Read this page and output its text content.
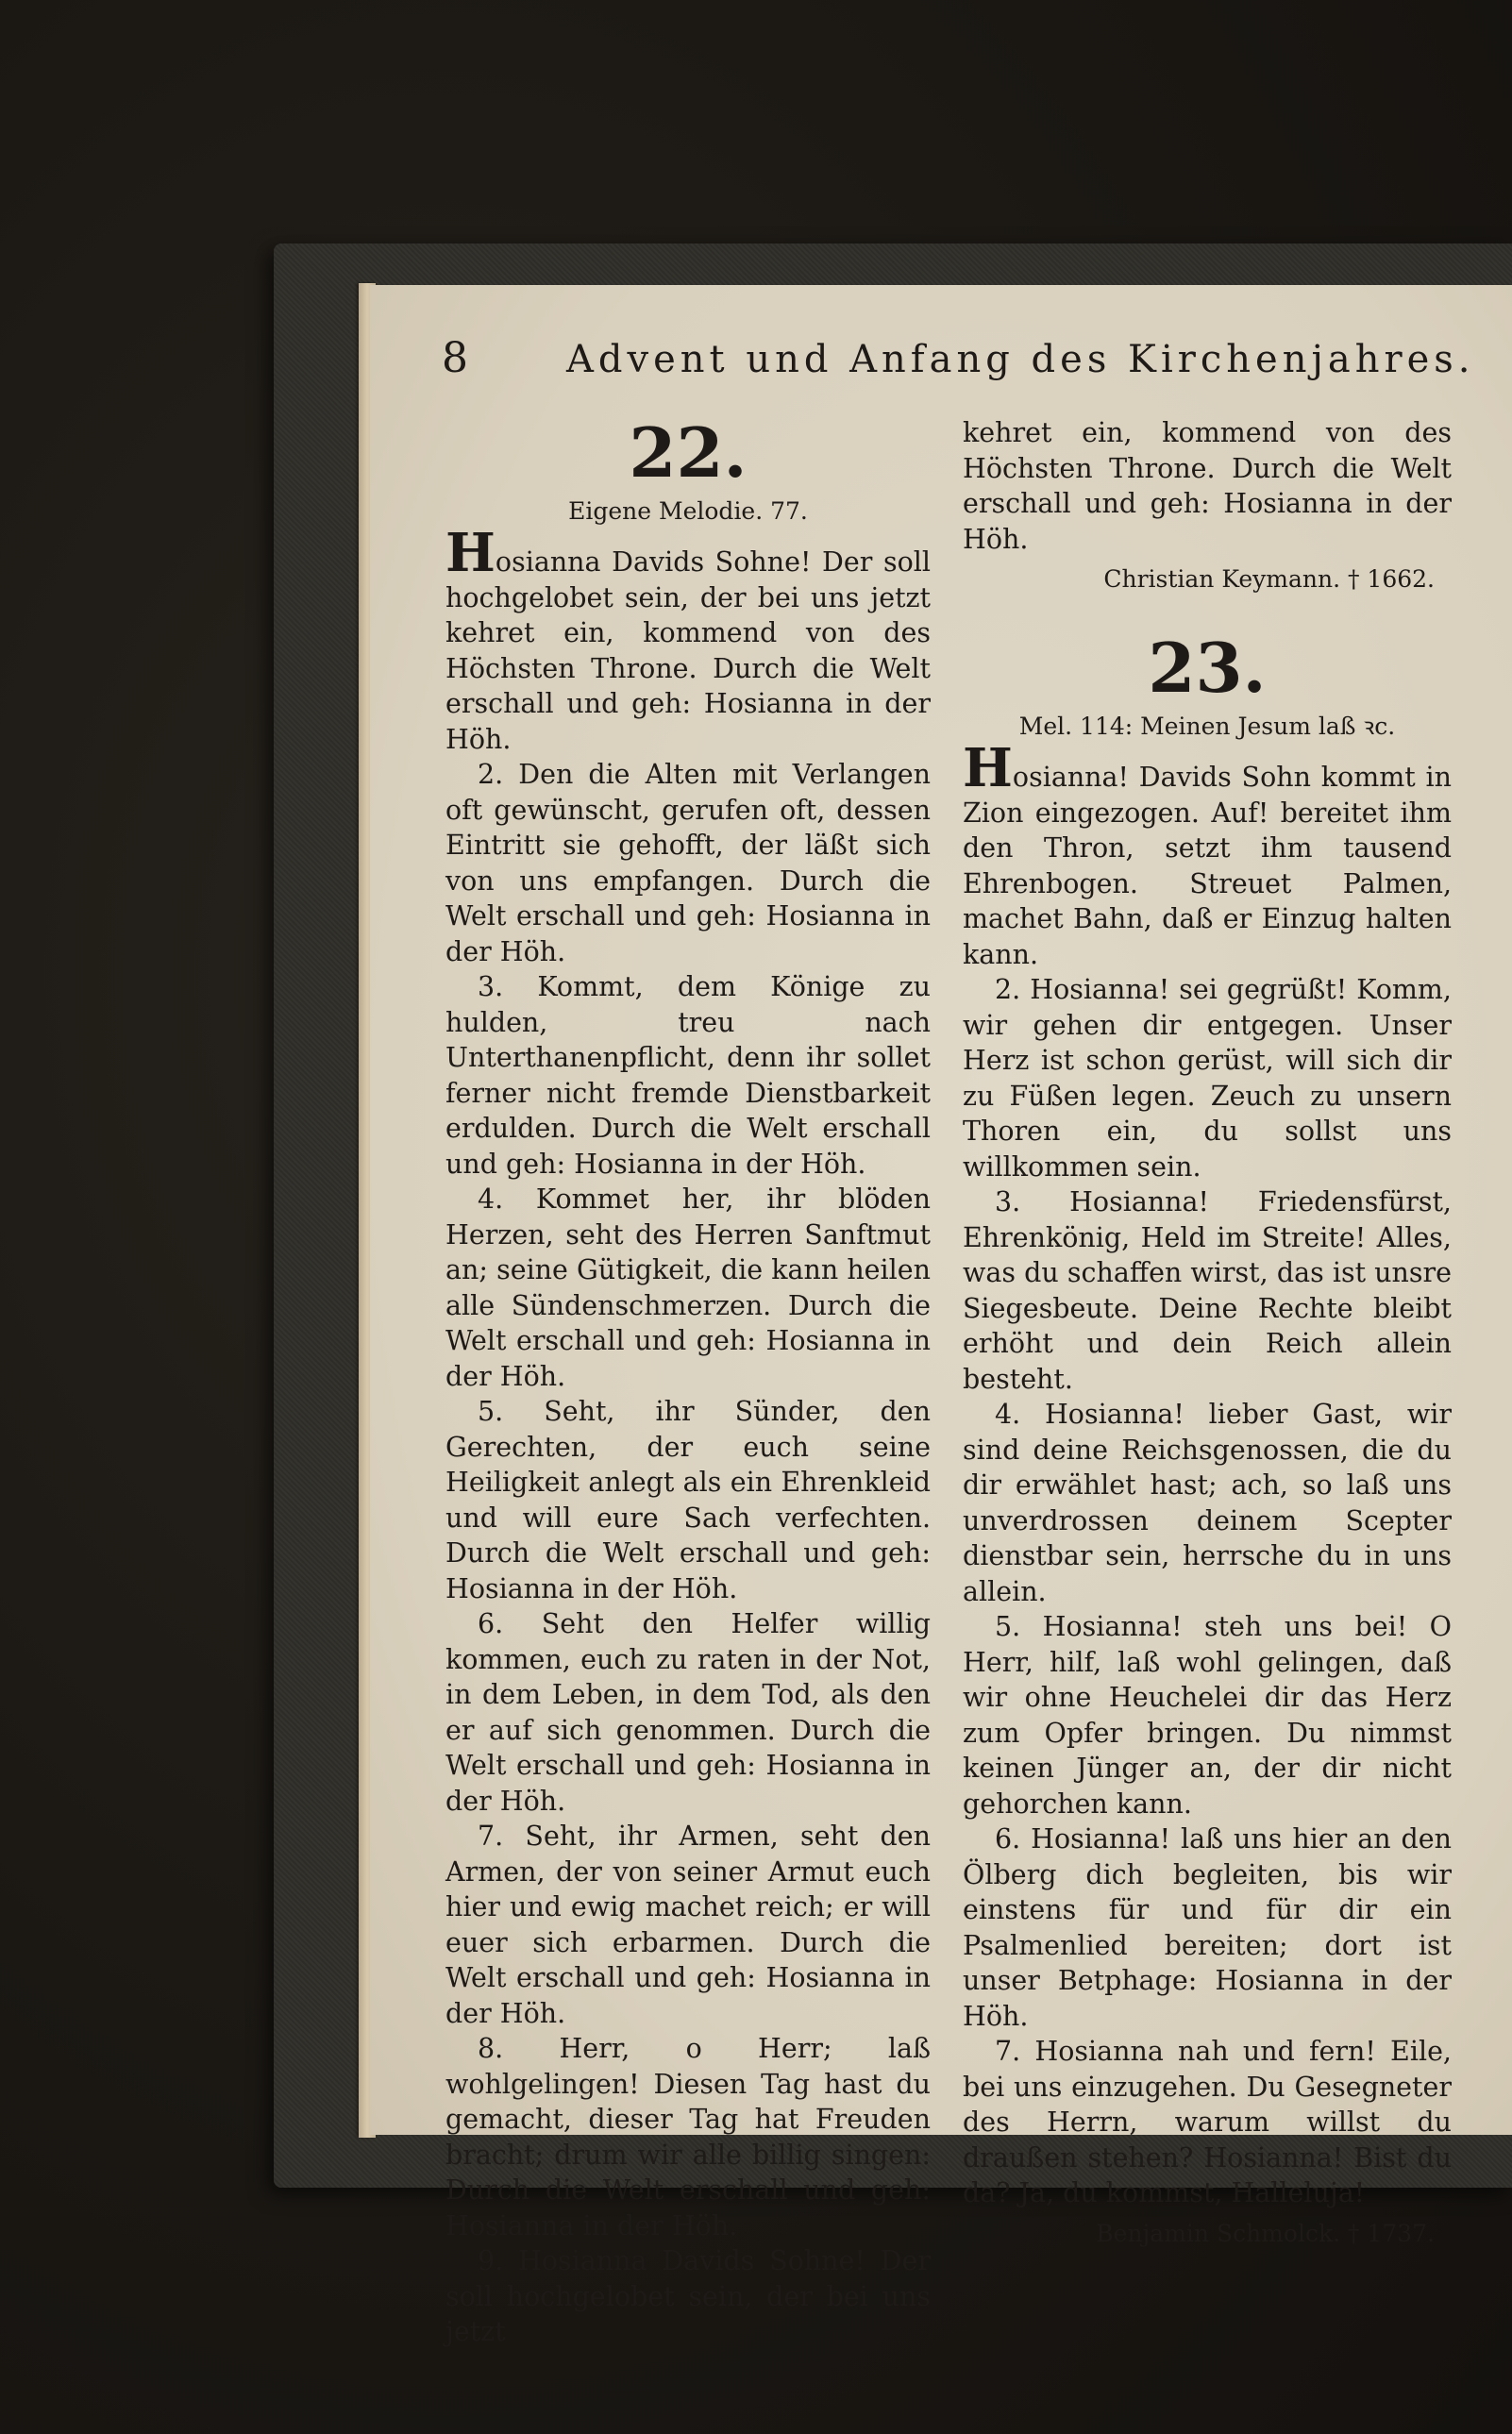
8	Advent und Anfang des Kirchenjahres.

22.

Eigene Melodie. 77.

Hosianna Davids Sohne! Der soll hochgelobet sein, der bei uns jetzt kehret ein, kommend von des Höchsten Throne. Durch die Welt erschall und geh: Hosianna in der Höh.

2. Den die Alten mit Verlangen oft gewünscht, gerufen oft, dessen Eintritt sie gehofft, der läßt sich von uns empfangen. Durch die Welt erschall und geh: Hosianna in der Höh.

3. Kommt, dem Könige zu hulden, treu nach Unterthanenpflicht, denn ihr sollet ferner nicht fremde Dienstbarkeit erdulden. Durch die Welt erschall und geh: Hosianna in der Höh.

4. Kommet her, ihr blöden Herzen, seht des Herren Sanftmut an; seine Gütigkeit, die kann heilen alle Sündenschmerzen. Durch die Welt erschall und geh: Hosianna in der Höh.

5. Seht, ihr Sünder, den Gerechten, der euch seine Heiligkeit anlegt als ein Ehrenkleid und will eure Sach verfechten. Durch die Welt erschall und geh: Hosianna in der Höh.

6. Seht den Helfer willig kommen, euch zu raten in der Not, in dem Leben, in dem Tod, als den er auf sich genommen. Durch die Welt erschall und geh: Hosianna in der Höh.

7. Seht, ihr Armen, seht den Armen, der von seiner Armut euch hier und ewig machet reich; er will euer sich erbarmen. Durch die Welt erschall und geh: Hosianna in der Höh.

8. Herr, o Herr; laß wohlgelingen! Diesen Tag hast du gemacht, dieser Tag hat Freuden bracht; drum wir alle billig singen: Durch die Welt erschall und geh: Hosianna in der Höh.

9. Hosianna Davids Sohne! Der soll hochgelobet sein, der bei uns jetzt

kehret ein, kommend von des Höchsten Throne. Durch die Welt erschall und geh: Hosianna in der Höh.

Christian Keymann. † 1662.

23.

Mel. 114: Meinen Jesum laß ꝛc.

Hosianna! Davids Sohn kommt in Zion eingezogen. Auf! bereitet ihm den Thron, setzt ihm tausend Ehrenbogen. Streuet Palmen, machet Bahn, daß er Einzug halten kann.

2. Hosianna! sei gegrüßt! Komm, wir gehen dir entgegen. Unser Herz ist schon gerüst, will sich dir zu Füßen legen. Zeuch zu unsern Thoren ein, du sollst uns willkommen sein.

3. Hosianna! Friedensfürst, Ehrenkönig, Held im Streite! Alles, was du schaffen wirst, das ist unsre Siegesbeute. Deine Rechte bleibt erhöht und dein Reich allein besteht.

4. Hosianna! lieber Gast, wir sind deine Reichsgenossen, die du dir erwählet hast; ach, so laß uns unverdrossen deinem Scepter dienstbar sein, herrsche du in uns allein.

5. Hosianna! steh uns bei! O Herr, hilf, laß wohl gelingen, daß wir ohne Heuchelei dir das Herz zum Opfer bringen. Du nimmst keinen Jünger an, der dir nicht gehorchen kann.

6. Hosianna! laß uns hier an den Ölberg dich begleiten, bis wir einstens für und für dir ein Psalmenlied bereiten; dort ist unser Betphage: Hosianna in der Höh.

7. Hosianna nah und fern! Eile, bei uns einzugehen. Du Gesegneter des Herrn, warum willst du draußen stehen? Hosianna! Bist du da? Ja, du kommst, Halleluja!

Benjamin Schmolck. † 1737.
